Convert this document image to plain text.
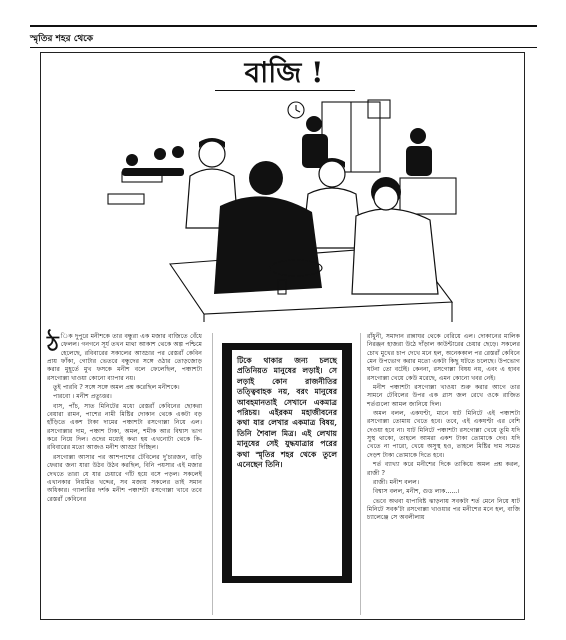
স্মৃতির শহর থেকে
বাজি !

ঠ িক দুপুরে মনীশকে তার বন্ধুরা এক মজার বাজিতে বেঁধে ফেলল। গনগনে সূর্য তখন মাথা আকাশ থেকে অল্প পশ্চিমে হেলেছে, রবিবারের সকালের আড্ডার পর রেস্তরাঁ কেবিন প্রায় ফাঁকা, গোটার ভেতরে বন্ধুদের সঙ্গে ওঠার তোড়জোড় করার মুহূর্তে মুখ ফসকে মনীশ বলে ফেলেছিল, পঞ্চাশটা রসগোল্লা খাওয়া কোনো ব্যাপার নয়।

তুই পারবি ? সঙ্গে সঙ্গে অমল প্রশ্ন করেছিল মনীশকে।

পারবো । মনীশ প্রত্যুত্তর।

বাস, পাঁচ, সাত মিনিটের মধ্যে রেস্তরাঁ কেবিনের ছোকরা বেয়ারা রামন, পাশের নামী মিষ্টির দোকান থেকে একটা বড় হাঁড়িতে একশ টাকা দামের পঞ্চাশটা রসগোল্লা নিয়ে এল। রসগোল্লার দাম, পঞ্চাশ টাকা, অমল, শমীক আর বিশ্বাস ভাগ করে নিয়ে দিল। ওদের মধ্যেই কথা হয় এখনোটা থেকে কি-রবিবারের মতো আজও মনীশ আড্ডা দিচ্ছিল।

রসগোল্লা আসার পর আশপাশের টেবিলের দু'চারজন, বাড়ি ফেরার জন্য যারা উঠব উঠব করছিল, বিনি পয়সার এই মজার দেখতে তারা যে যার চেয়ারে গাঁট হয়ে বসে পড়ল। সকলেই এখানকার নিয়মিত খদ্দের, সব মজায় সকলের তাই সমান অধিকার। গ্যালারির দর্শক মনীশ পঞ্চাশটা রসগোল্লা খাবে তবে রেস্তরাঁ কেবিনের

টিকে থাকার জন্য চলছে প্রতিনিয়ত মানুষের লড়াই। সে লড়াই কোন রাজনীতির তত্ত্বিবাহক নয়, বরং মানুষের আবহমানতাই সেখানে একমাত্র পরিচয়। এইরকম মহাজীবনের কথা যার লেখার একমাত্র বিষয়, তিনি শৈবাল মিত্র। এই লেখায় মানুষের সেই যুদ্ধযাত্রার পরের কথা স্মৃতির শহর থেকে তুলে এনেছেন তিনি।

রাঁধুনী, সমাদান রান্নাঘর থেকে বেরিয়ে এল। দোকানের মালিক নিরঞ্জন হাজরা উঠে দাঁড়াল কাউন্টারের চেয়ার ছেড়ে। সকলের চোখ মুখের চাপ দেখে মনে হল, অনেককাল পর রেস্তরাঁ কেবিনে মেন উপভোগ করার মতো একটা কিছু ঘটতে চলেছে। উপভোগ ঘটনা তো বটেই। কেননা, রসগোল্লা বিষয় নয়, এবং এ হাবব রসগোল্লা খেয়ে কেউ মরেছে, এমন কোনো খবর নেই।

মনীশ পঞ্চাশটা রসগোল্লা খাওয়া শুরু করার আগে তার সামনে টেবিলের উপর এক গ্লাস জল রেখে ওকে রাজিত শর্তগুলো আমল জানিয়ে দিল।

অমল বলল, একঘণ্টা, মানে ষাট মিনিটে এই পঞ্চাশটা রসগোল্লা তোমায় খেতে হবে। তবে, এই একঘণ্টা এর বেশি দেওয়া হবে না। যাট মিনিটে পঞ্চাশটা রসগোল্লা খেয়ে তুমি যদি সুস্থ থাকো, তাহলে আমরা একশ টাকা তোমাকে দেব। যদি খেতে না পারো, খেয়ে অসুস্থ হও, তাহলে মিষ্টির দাম সমেত দেড়শ টাকা তোমাকে দিতে হবে।

শর্ত ব্যাখ্যা করে মনীশের দিকে তাকিয়ে অমল প্রশ্ন করল, রাজী ?

রাজী। মনীশ বলল।

বিশ্বাস বলল, মনীশ, গুড লাক......।

ভেবে অথবা ধাপাবিষ্ট ঝাড়নায় সবকটা শর্ত মেনে নিয়ে ষাট মিনিটে সবক'টা রসগোল্লা খাওয়ার পর মনীশের মনে হল, বাজি চ্যালেঞ্জে সে অবলীলায়
